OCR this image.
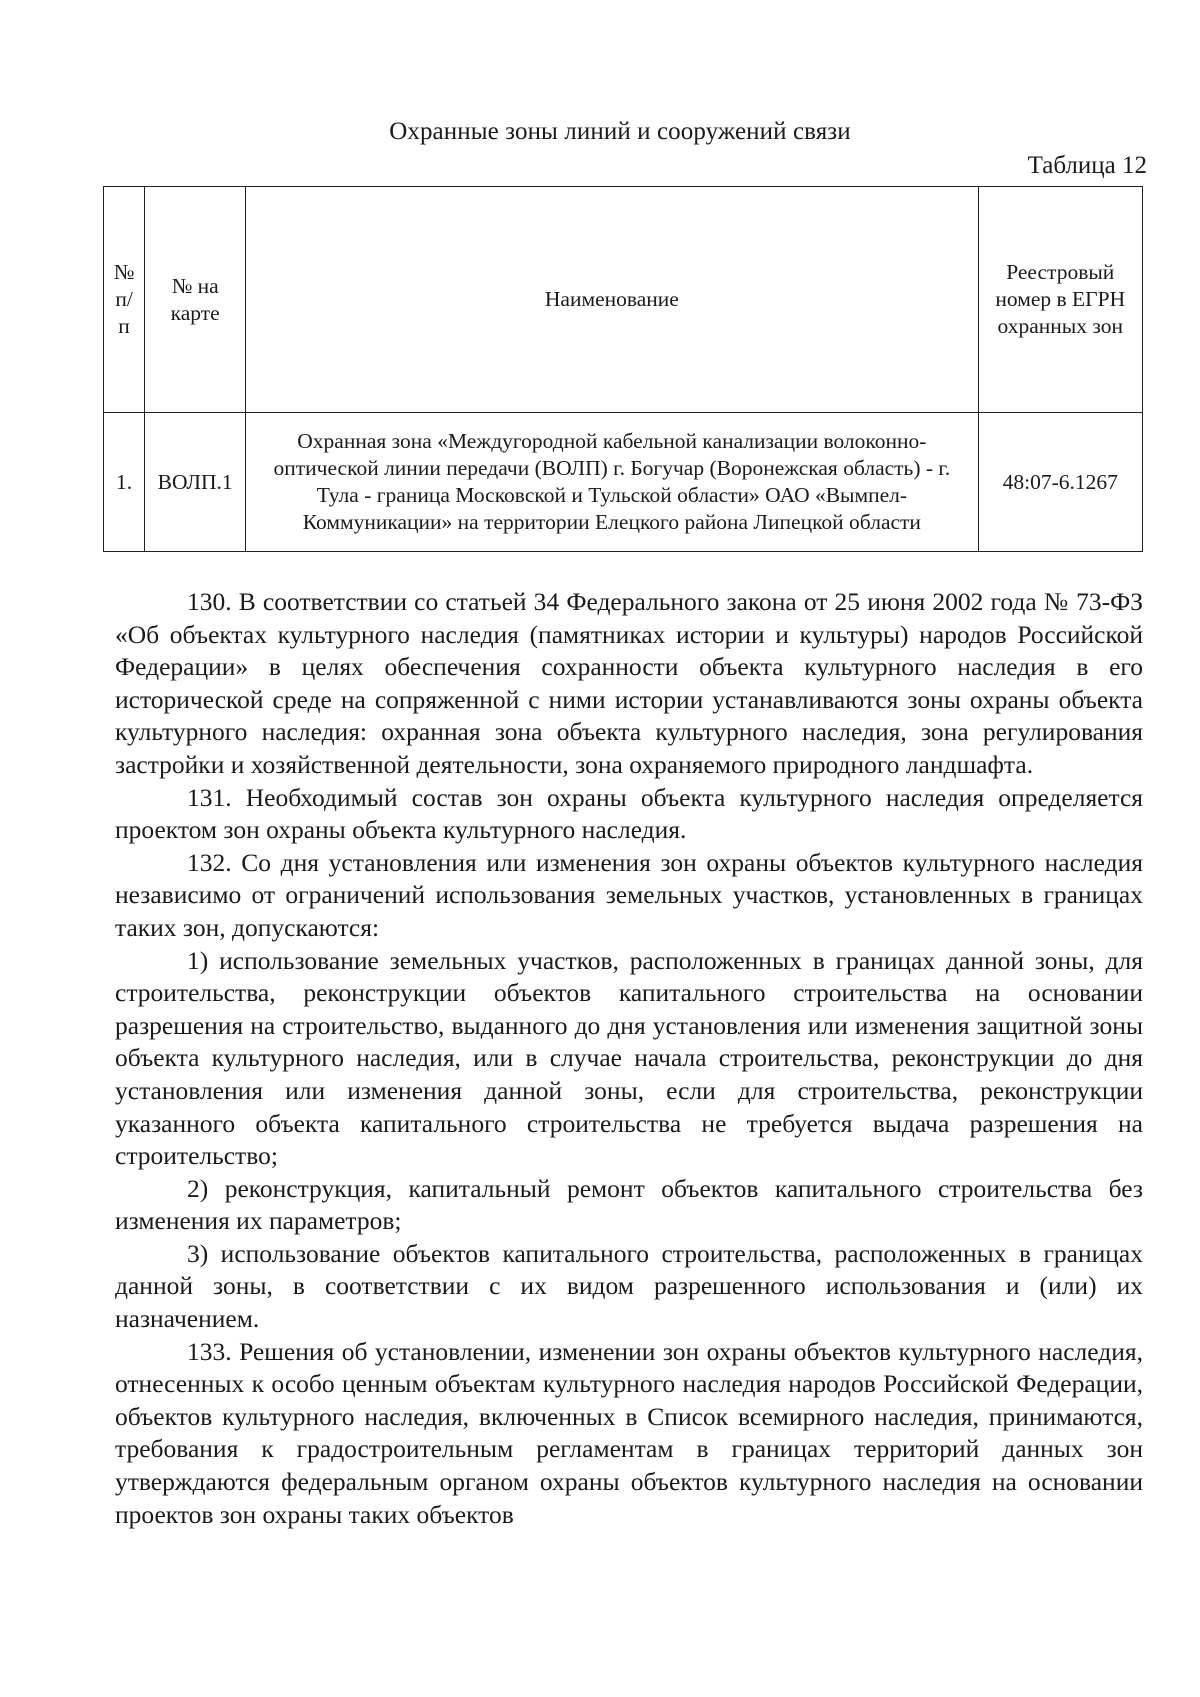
Охранные зоны линий и сооружений связи
Таблица 12
№ п/п	№ на карте	Наименование	Реестровый номер в ЕГРН охранных зон
1.	ВОЛП.1	Охранная зона «Междугородной кабельной канализации волоконно-оптической линии передачи (ВОЛП) г. Богучар (Воронежская область) - г. Тула - граница Московской и Тульской области» ОАО «Вымпел-Коммуникации» на территории Елецкого района Липецкой области	48:07-6.1267

130. В соответствии со статьей 34 Федерального закона от 25 июня 2002 года № 73-ФЗ «Об объектах культурного наследия (памятниках истории и культуры) народов Российской Федерации» в целях обеспечения сохранности объекта культурного наследия в его исторической среде на сопряженной с ними истории устанавливаются зоны охраны объекта культурного наследия: охранная зона объекта культурного наследия, зона регулирования застройки и хозяйственной деятельности, зона охраняемого природного ландшафта.

131. Необходимый состав зон охраны объекта культурного наследия определяется проектом зон охраны объекта культурного наследия.

132. Со дня установления или изменения зон охраны объектов культурного наследия независимо от ограничений использования земельных участков, установленных в границах таких зон, допускаются:

1) использование земельных участков, расположенных в границах данной зоны, для строительства, реконструкции объектов капитального строительства на основании разрешения на строительство, выданного до дня установления или изменения защитной зоны объекта культурного наследия, или в случае начала строительства, реконструкции до дня установления или изменения данной зоны, если для строительства, реконструкции указанного объекта капитального строительства не требуется выдача разрешения на строительство;

2) реконструкция, капитальный ремонт объектов капитального строительства без изменения их параметров;

3) использование объектов капитального строительства, расположенных в границах данной зоны, в соответствии с их видом разрешенного использования и (или) их назначением.

133. Решения об установлении, изменении зон охраны объектов культурного наследия, отнесенных к особо ценным объектам культурного наследия народов Российской Федерации, объектов культурного наследия, включенных в Список всемирного наследия, принимаются, требования к градостроительным регламентам в границах территорий данных зон утверждаются федеральным органом охраны объектов культурного наследия на основании проектов зон охраны таких объектов
